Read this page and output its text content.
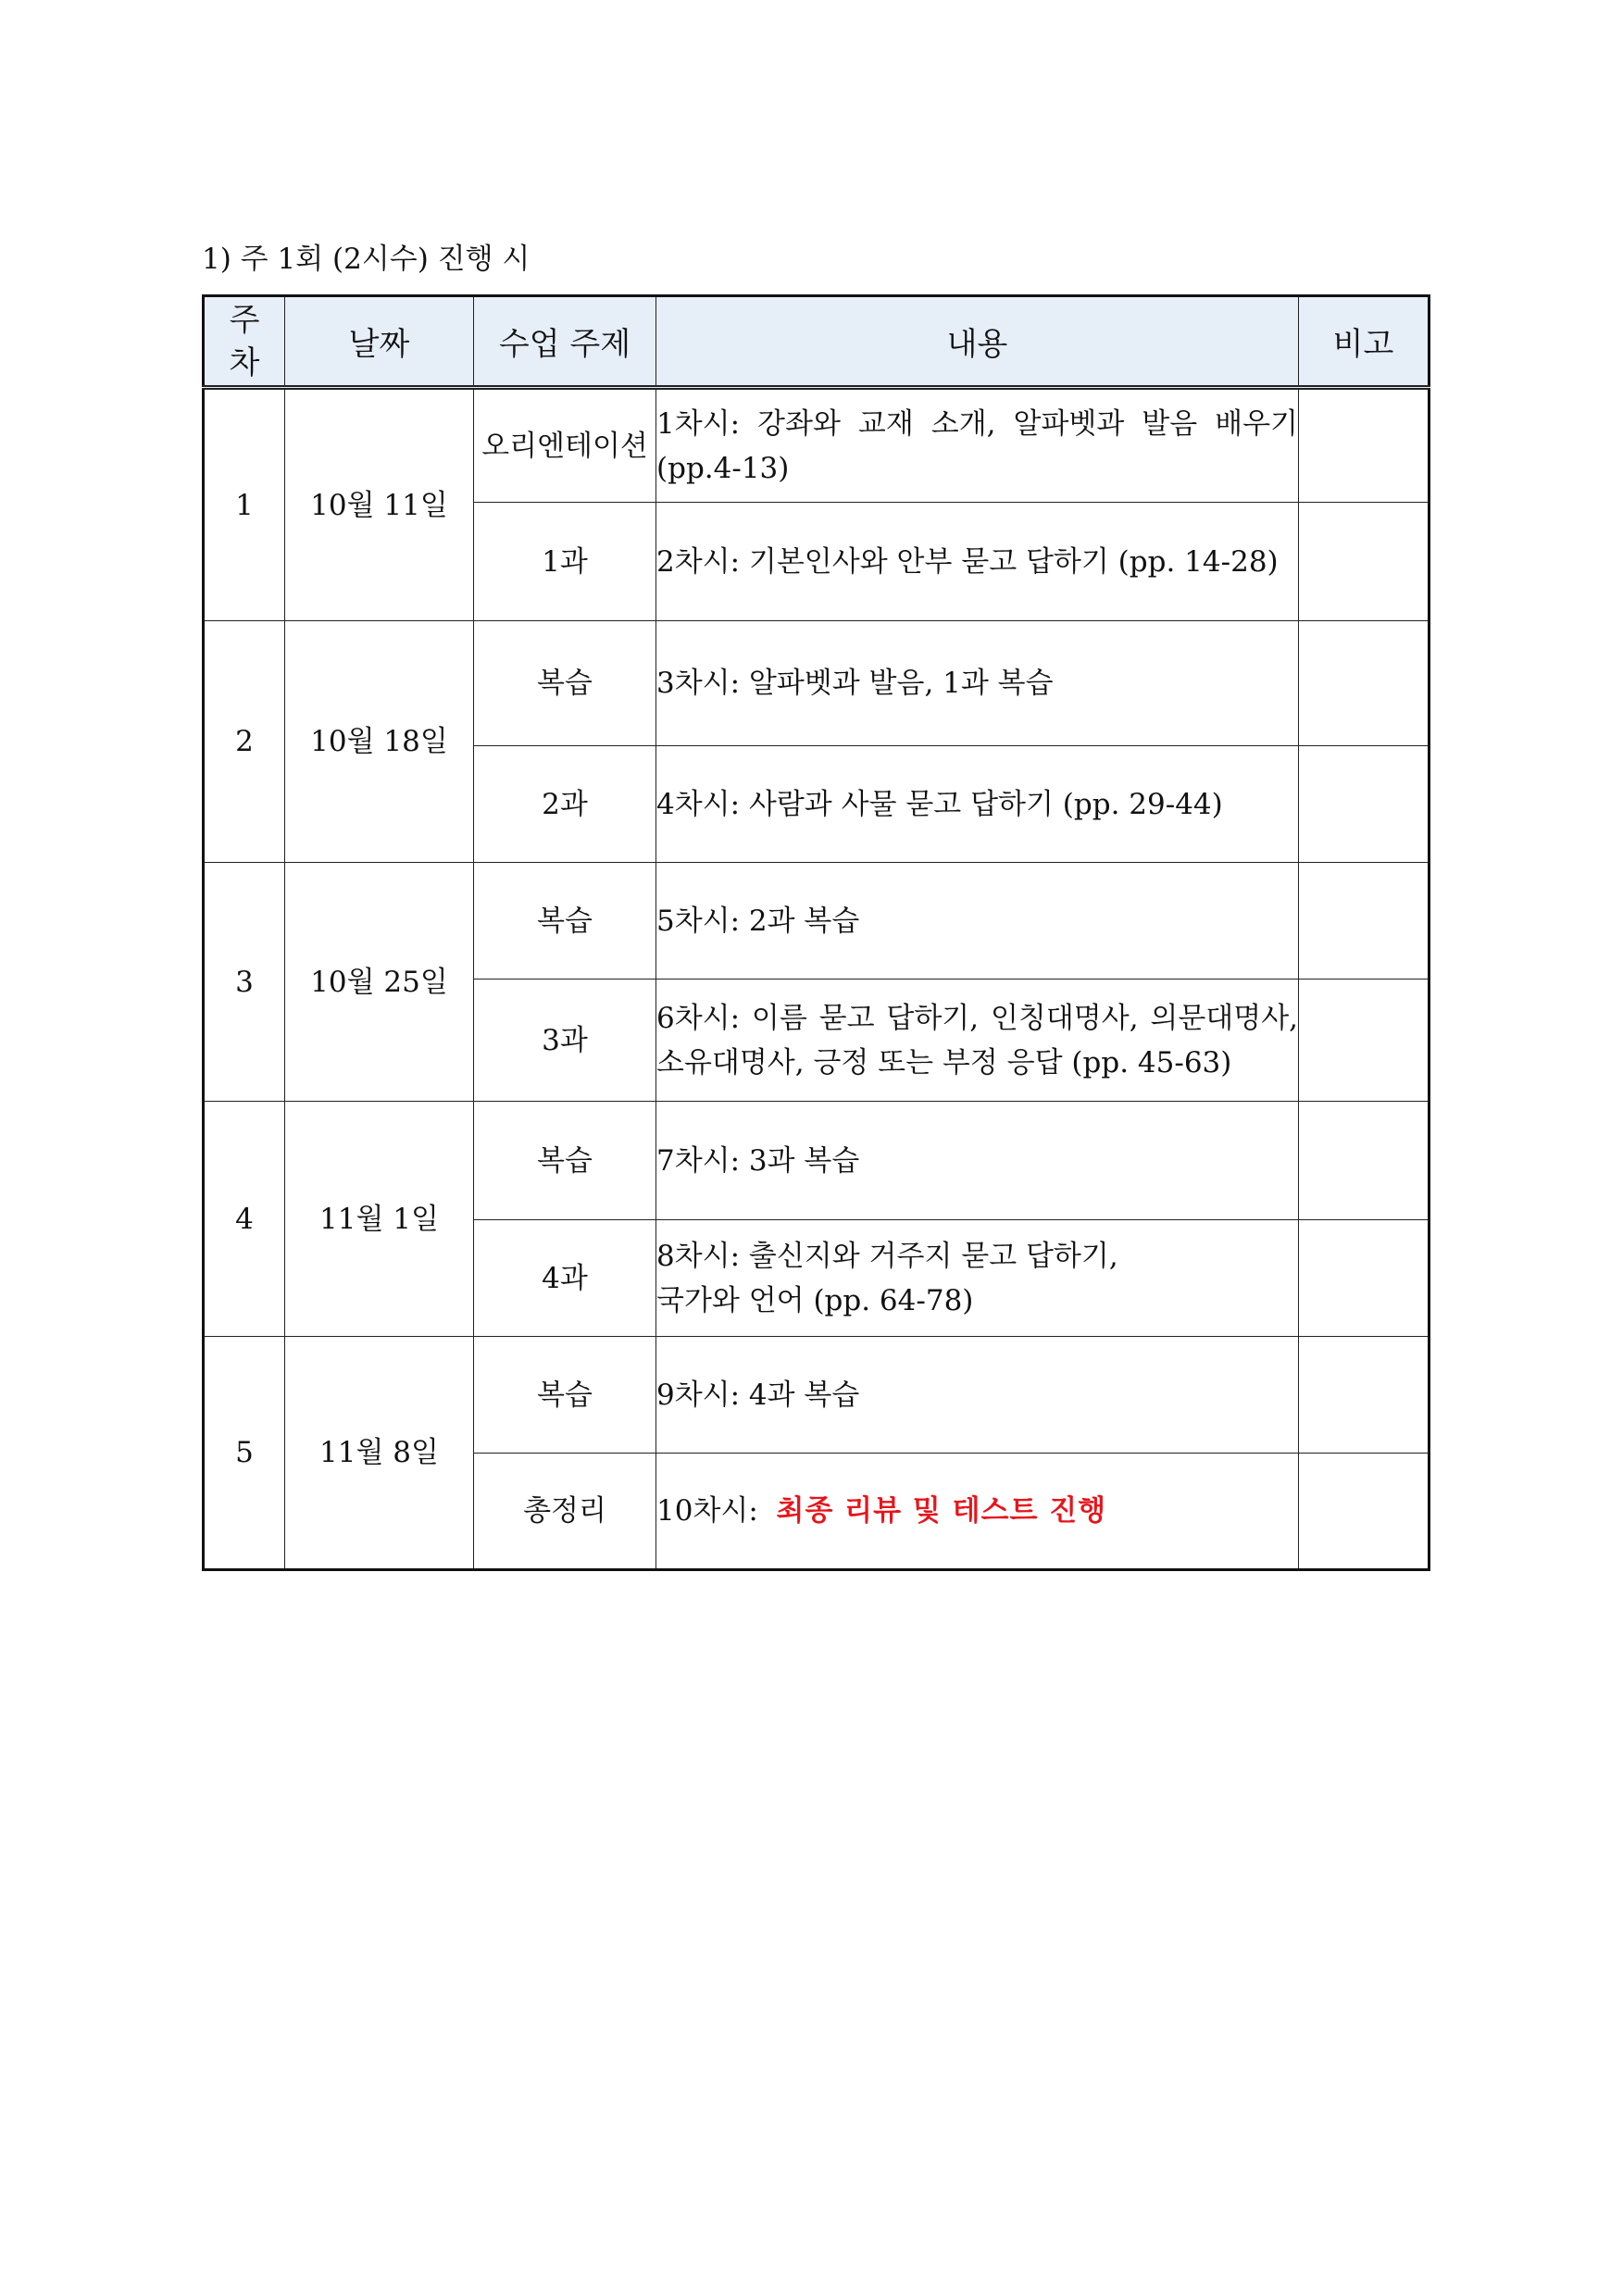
1) 주 1회 (2시수) 진행 시
주
차	날짜	수업 주제	내용	비고
1	10월 11일	오리엔테이션	1차시: 강좌와 교재 소개, 알파벳과 발음 배우기 (pp.4-13)	
		1과	2차시: 기본인사와 안부 묻고 답하기 (pp. 14-28)	
2	10월 18일	복습	3차시: 알파벳과 발음, 1과 복습	
		2과	4차시: 사람과 사물 묻고 답하기 (pp. 29-44)	
3	10월 25일	복습	5차시: 2과 복습	
		3과	6차시: 이름 묻고 답하기, 인칭대명사, 의문대명사, 소유대명사, 긍정 또는 부정 응답 (pp. 45-63)	
4	11월 1일	복습	7차시: 3과 복습	
		4과	8차시: 출신지와 거주지 묻고 답하기,
국가와 언어 (pp. 64-78)	
5	11월 8일	복습	9차시: 4과 복습	
		총정리	10차시:  최종 리뷰 및 테스트 진행	
